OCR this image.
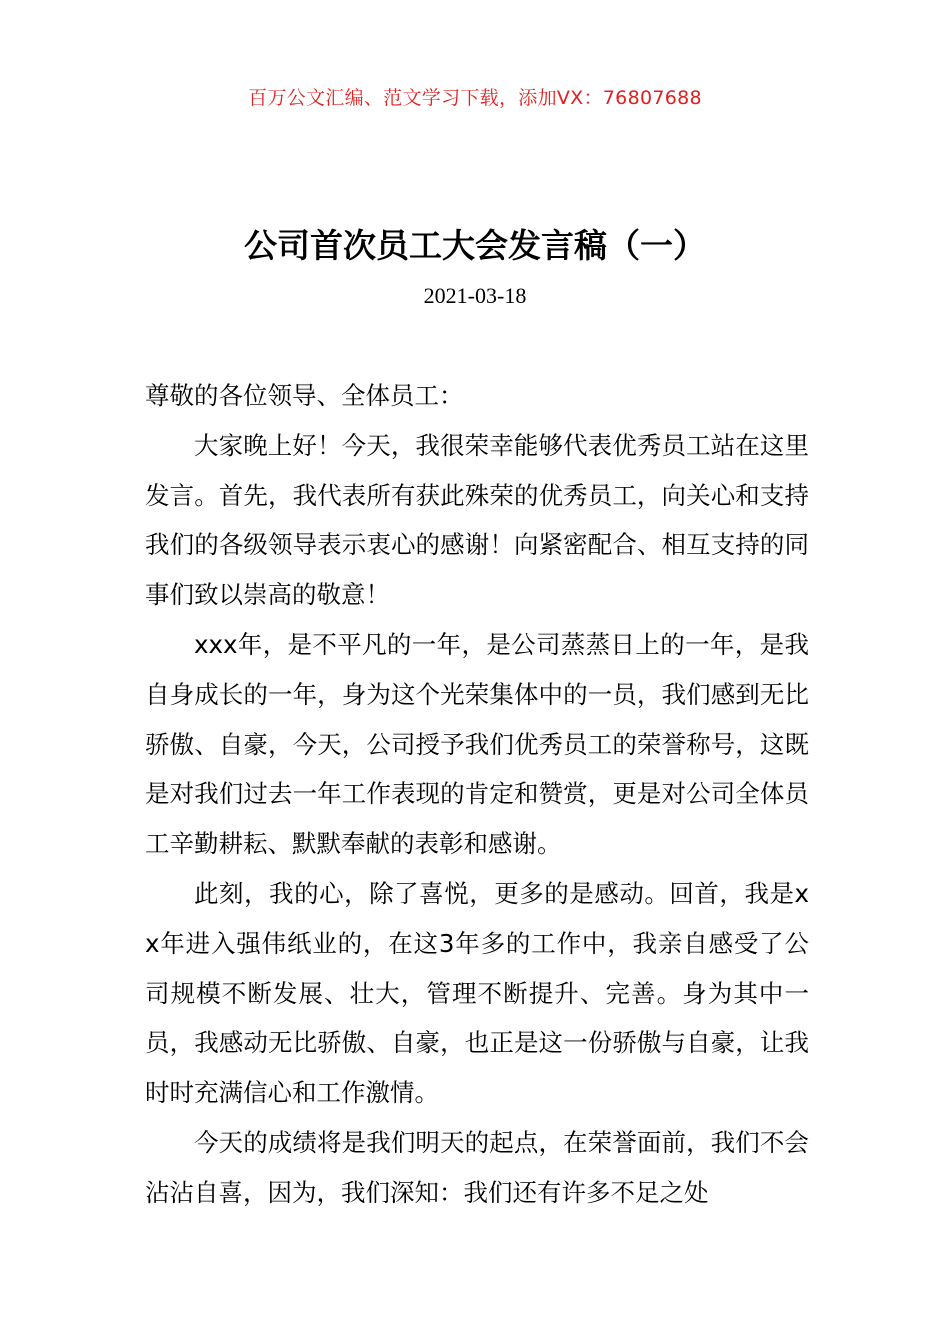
百万公文汇编、范文学习下载，添加VX：76807688
公司首次员工大会发言稿（一）
2021-03-18

尊敬的各位领导、全体员工：

大家晚上好！今天，我很荣幸能够代表优秀员工站在这里发言。首先，我代表所有获此殊荣的优秀员工，向关心和支持我们的各级领导表示衷心的感谢！向紧密配合、相互支持的同事们致以崇高的敬意！

xxx年，是不平凡的一年，是公司蒸蒸日上的一年，是我自身成长的一年，身为这个光荣集体中的一员，我们感到无比骄傲、自豪，今天，公司授予我们优秀员工的荣誉称号，这既是对我们过去一年工作表现的肯定和赞赏，更是对公司全体员工辛勤耕耘、默默奉献的表彰和感谢。

此刻，我的心，除了喜悦，更多的是感动。回首，我是xx年进入强伟纸业的，在这3年多的工作中，我亲自感受了公司规模不断发展、壮大，管理不断提升、完善。身为其中一员，我感动无比骄傲、自豪，也正是这一份骄傲与自豪，让我时时充满信心和工作激情。

今天的成绩将是我们明天的起点，在荣誉面前，我们不会沾沾自喜，因为，我们深知：我们还有许多不足之处
